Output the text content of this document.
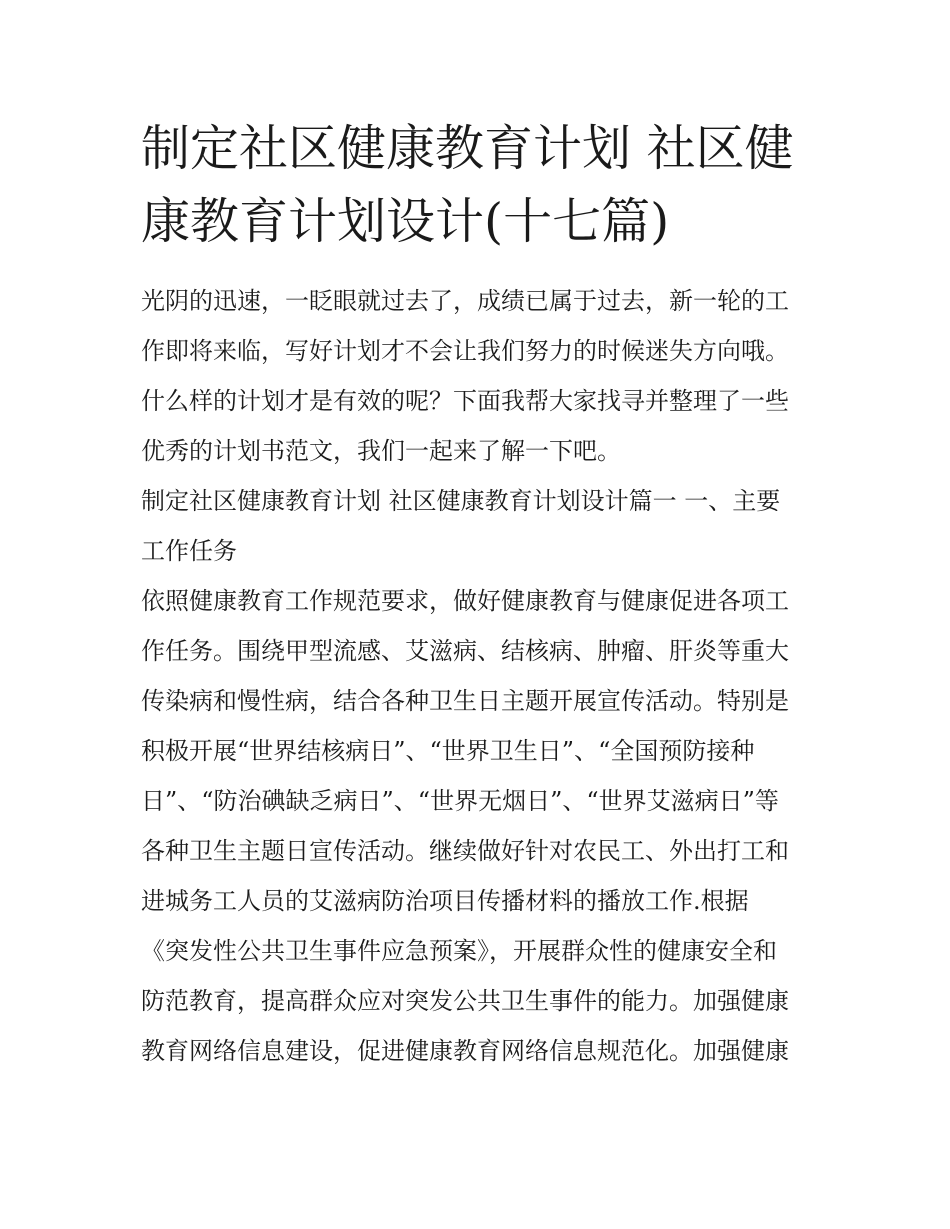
制定社区健康教育计划 社区健
康教育计划设计(十七篇)
光阴的迅速，一眨眼就过去了，成绩已属于过去，新一轮的工
作即将来临，写好计划才不会让我们努力的时候迷失方向哦。
什么样的计划才是有效的呢？下面我帮大家找寻并整理了一些
优秀的计划书范文，我们一起来了解一下吧。
制定社区健康教育计划 社区健康教育计划设计篇一 一、主要
工作任务
依照健康教育工作规范要求，做好健康教育与健康促进各项工
作任务。围绕甲型流感、艾滋病、结核病、肿瘤、肝炎等重大
传染病和慢性病，结合各种卫生日主题开展宣传活动。特别是
积极开展“世界结核病日”、“世界卫生日”、“全国预防接种
日”、“防治碘缺乏病日”、“世界无烟日”、“世界艾滋病日”等
各种卫生主题日宣传活动。继续做好针对农民工、外出打工和
进城务工人员的艾滋病防治项目传播材料的播放工作.根据
《突发性公共卫生事件应急预案》，开展群众性的健康安全和
防范教育，提高群众应对突发公共卫生事件的能力。加强健康
教育网络信息建设，促进健康教育网络信息规范化。加强健康
